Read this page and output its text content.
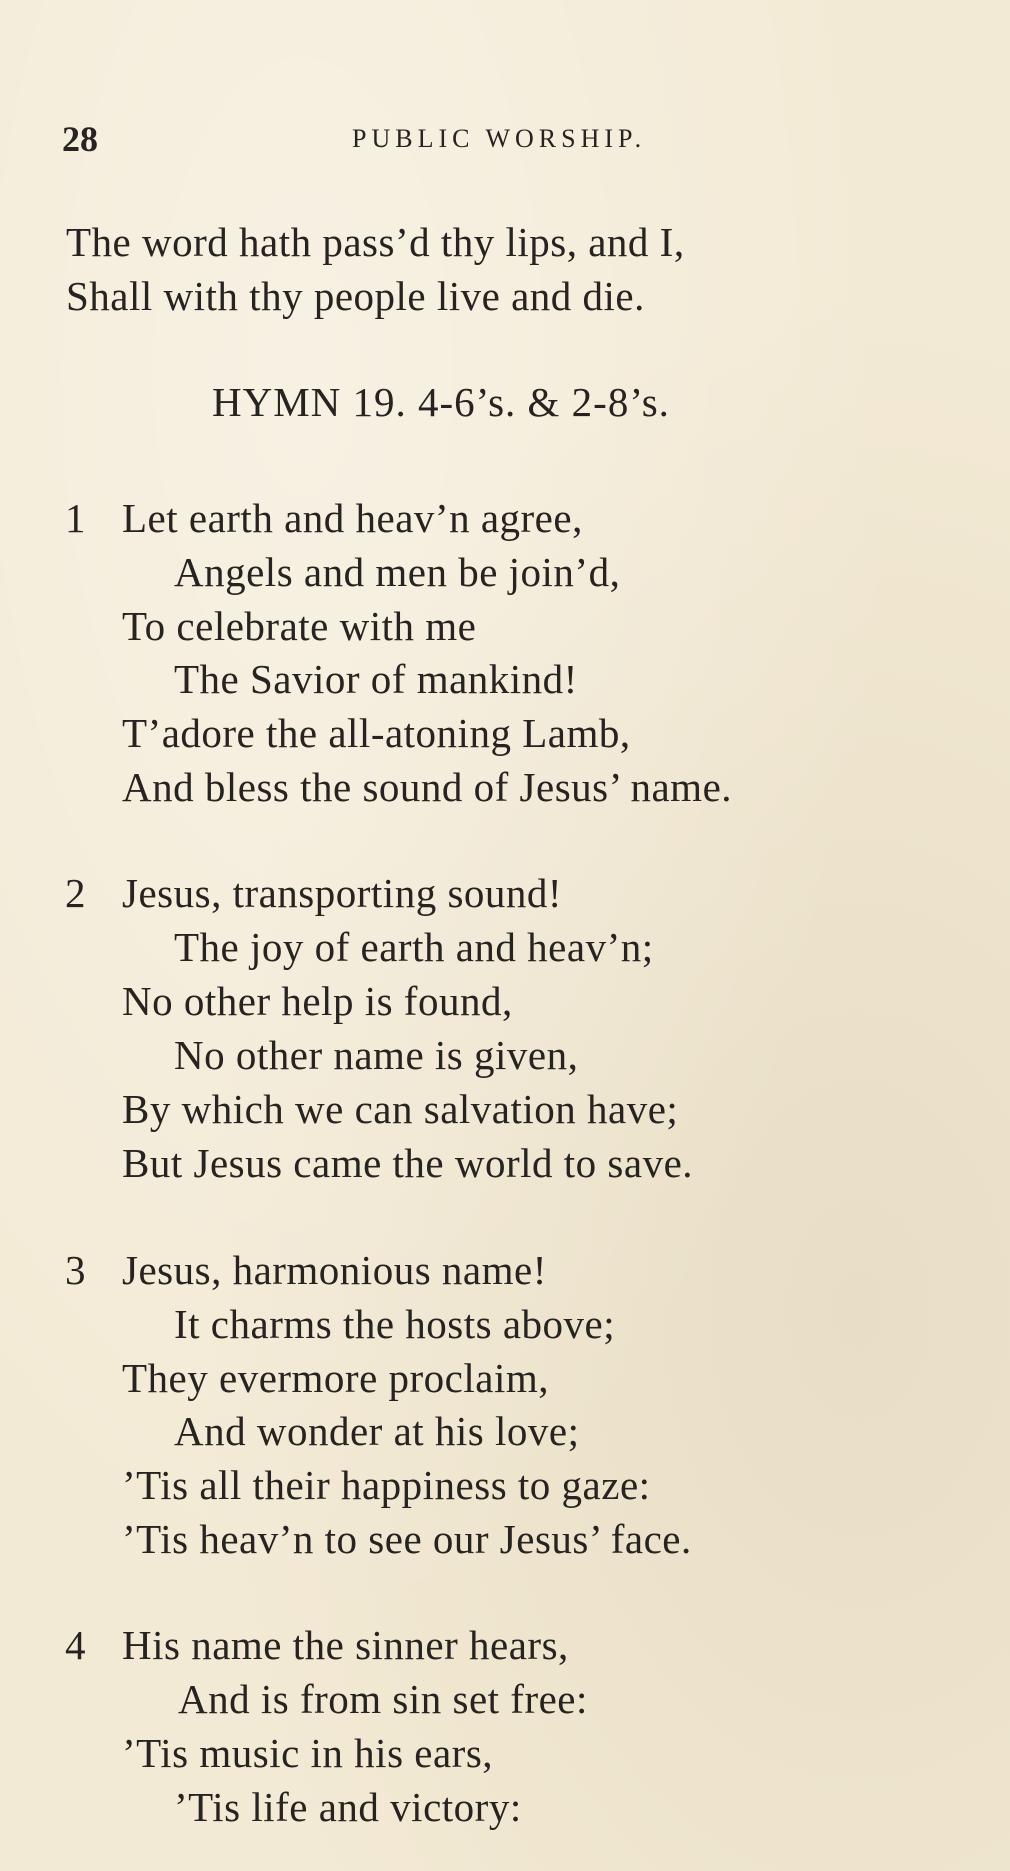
28	PUBLIC WORSHIP.
The word hath pass’d thy lips, and I,
Shall with thy people live and die.
HYMN 19. 4-6’s. & 2-8’s.
1 Let earth and heav’n agree,
Angels and men be join’d,
To celebrate with me
The Savior of mankind!
T’adore the all-atoning Lamb,
And bless the sound of Jesus’ name.
2 Jesus, transporting sound!
The joy of earth and heav’n;
No other help is found,
No other name is given,
By which we can salvation have;
But Jesus came the world to save.
3 Jesus, harmonious name!
It charms the hosts above;
They evermore proclaim,
And wonder at his love;
’Tis all their happiness to gaze:
’Tis heav’n to see our Jesus’ face.
4 His name the sinner hears,
And is from sin set free:
’Tis music in his ears,
’Tis life and victory:
